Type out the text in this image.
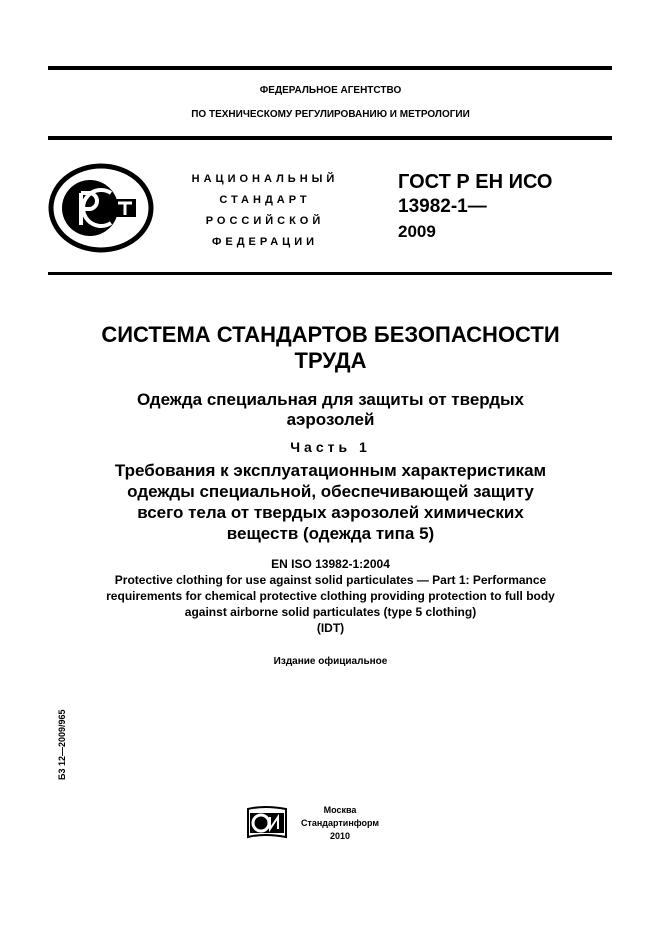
ФЕДЕРАЛЬНОЕ АГЕНТСТВО
ПО ТЕХНИЧЕСКОМУ РЕГУЛИРОВАНИЮ И МЕТРОЛОГИИ
НАЦИОНАЛЬНЫЙ
СТАНДАРТ
РОССИЙСКОЙ
ФЕДЕРАЦИИ
ГОСТ Р ЕН ИСО
13982-1—
2009
СИСТЕМА СТАНДАРТОВ БЕЗОПАСНОСТИ
ТРУДА
Одежда специальная для защиты от твердых
аэрозолей
Часть 1
Требования к эксплуатационным характеристикам
одежды специальной, обеспечивающей защиту
всего тела от твердых аэрозолей химических
веществ (одежда типа 5)
EN ISO 13982-1:2004
Protective clothing for use against solid particulates — Part 1: Performance
requirements for chemical protective clothing providing protection to full body
against airborne solid particulates (type 5 clothing)
(IDT)
Издание официальное
Б3 12—2009/965
Москва
Стандартинформ
2010
